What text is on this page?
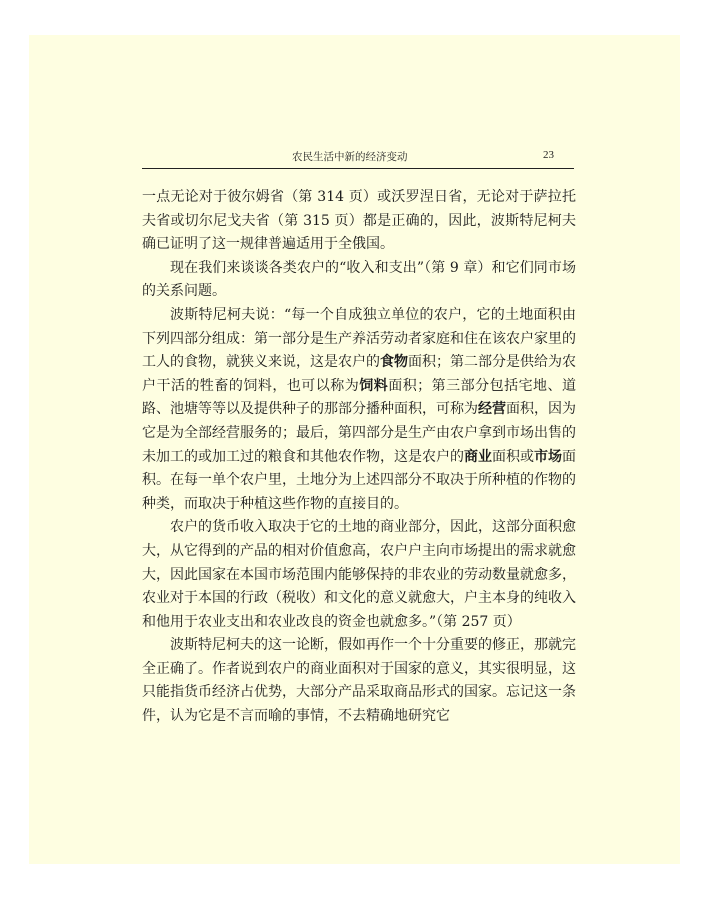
农民生活中新的经济变动	23

一点无论对于彼尔姆省（第 314 页）或沃罗涅日省，无论对于萨拉托夫省或切尔尼戈夫省（第 315 页）都是正确的，因此，波斯特尼柯夫确已证明了这一规律普遍适用于全俄国。

现在我们来谈谈各类农户的“收入和支出”（第 9 章）和它们同市场的关系问题。

波斯特尼柯夫说：“每一个自成独立单位的农户，它的土地面积由下列四部分组成：第一部分是生产养活劳动者家庭和住在该农户家里的工人的食物，就狭义来说，这是农户的食物面积；第二部分是供给为农户干活的牲畜的饲料，也可以称为饲料面积；第三部分包括宅地、道路、池塘等等以及提供种子的那部分播种面积，可称为经营面积，因为它是为全部经营服务的；最后，第四部分是生产由农户拿到市场出售的未加工的或加工过的粮食和其他农作物，这是农户的商业面积或市场面积。在每一单个农户里，土地分为上述四部分不取决于所种植的作物的种类，而取决于种植这些作物的直接目的。

农户的货币收入取决于它的土地的商业部分，因此，这部分面积愈大，从它得到的产品的相对价值愈高，农户户主向市场提出的需求就愈大，因此国家在本国市场范围内能够保持的非农业的劳动数量就愈多，农业对于本国的行政（税收）和文化的意义就愈大，户主本身的纯收入和他用于农业支出和农业改良的资金也就愈多。”（第 257 页）

波斯特尼柯夫的这一论断，假如再作一个十分重要的修正，那就完全正确了。作者说到农户的商业面积对于国家的意义，其实很明显，这只能指货币经济占优势，大部分产品采取商品形式的国家。忘记这一条件，认为它是不言而喻的事情，不去精确地研究它
